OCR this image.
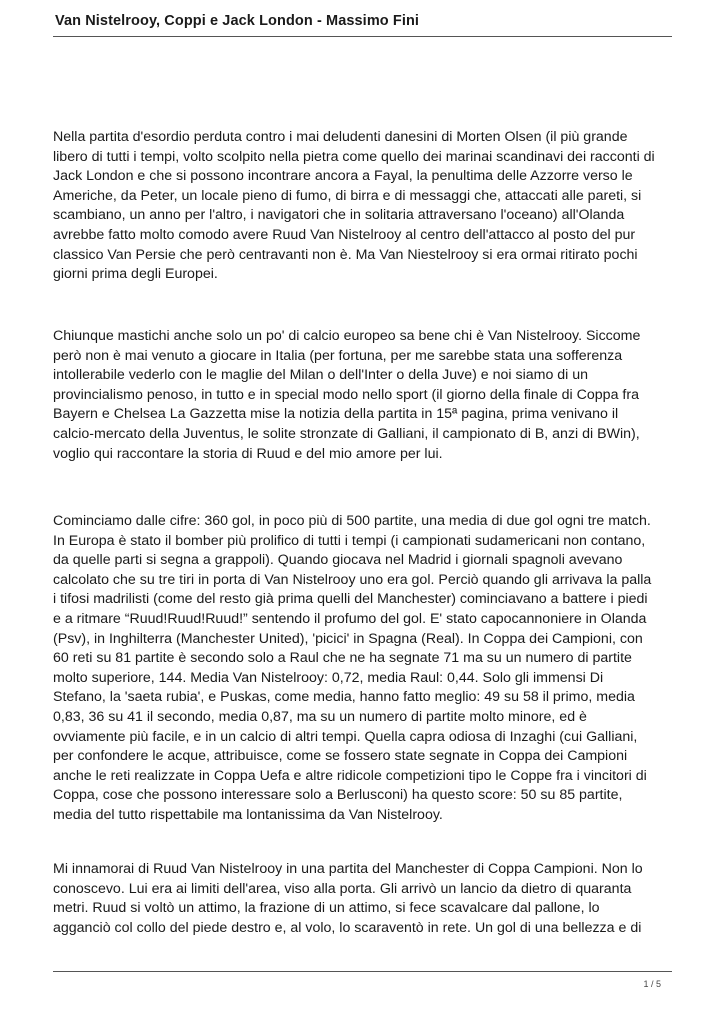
Van Nistelrooy, Coppi e Jack London - Massimo Fini
Nella partita d'esordio perduta contro i mai deludenti danesini di Morten Olsen (il più grande
libero di tutti i tempi, volto scolpito nella pietra come quello dei marinai scandinavi dei racconti di
Jack London e che si possono incontrare ancora a Fayal, la penultima delle Azzorre verso le
Americhe, da Peter, un locale pieno di fumo, di birra e di messaggi che, attaccati alle pareti, si
scambiano, un anno per l'altro, i navigatori che in solitaria attraversano l'oceano) all'Olanda
avrebbe fatto molto comodo avere Ruud Van Nistelrooy al centro dell'attacco al posto del pur
classico Van Persie che però centravanti non è. Ma Van Niestelrooy si era ormai ritirato pochi
giorni prima degli Europei.
Chiunque mastichi anche solo un po' di calcio europeo sa bene chi è Van Nistelrooy. Siccome
però non è mai venuto a giocare in Italia (per fortuna, per me sarebbe stata una sofferenza
intollerabile vederlo con le maglie del Milan o dell'Inter o della Juve) e noi siamo di un
provincialismo penoso, in tutto e in special modo nello sport (il giorno della finale di Coppa fra
Bayern e Chelsea La Gazzetta mise la notizia della partita in 15ª pagina, prima venivano il
calcio-mercato della Juventus, le solite stronzate di Galliani, il campionato di B, anzi di BWin),
voglio qui raccontare la storia di Ruud e del mio amore per lui.
Cominciamo dalle cifre: 360 gol, in poco più di 500 partite, una media di due gol ogni tre match.
In Europa è stato il bomber più prolifico di tutti i tempi (i campionati sudamericani non contano,
da quelle parti si segna a grappoli). Quando giocava nel Madrid i giornali spagnoli avevano
calcolato che su tre tiri in porta di Van Nistelrooy uno era gol. Perciò quando gli arrivava la palla
i tifosi madrilisti (come del resto già prima quelli del Manchester) cominciavano a battere i piedi
e a ritmare “Ruud!Ruud!Ruud!” sentendo il profumo del gol. E' stato capocannoniere in Olanda
(Psv), in Inghilterra (Manchester United), 'picici' in Spagna (Real). In Coppa dei Campioni, con
60 reti su 81 partite è secondo solo a Raul che ne ha segnate 71 ma su un numero di partite
molto superiore, 144. Media Van Nistelrooy: 0,72, media Raul: 0,44. Solo gli immensi Di
Stefano, la 'saeta rubia', e Puskas, come media, hanno fatto meglio: 49 su 58 il primo, media
0,83, 36 su 41 il secondo, media 0,87, ma su un numero di partite molto minore, ed è
ovviamente più facile, e in un calcio di altri tempi. Quella capra odiosa di Inzaghi (cui Galliani,
per confondere le acque, attribuisce, come se fossero state segnate in Coppa dei Campioni
anche le reti realizzate in Coppa Uefa e altre ridicole competizioni tipo le Coppe fra i vincitori di
Coppa, cose che possono interessare solo a Berlusconi) ha questo score: 50 su 85 partite,
media del tutto rispettabile ma lontanissima da Van Nistelrooy.
Mi innamorai di Ruud Van Nistelrooy in una partita del Manchester di Coppa Campioni. Non lo
conoscevo. Lui era ai limiti dell'area, viso alla porta. Gli arrivò un lancio da dietro di quaranta
metri. Ruud si voltò un attimo, la frazione di un attimo, si fece scavalcare dal pallone, lo
agganciò col collo del piede destro e, al volo, lo scaraventò in rete. Un gol di una bellezza e di
1 / 5
